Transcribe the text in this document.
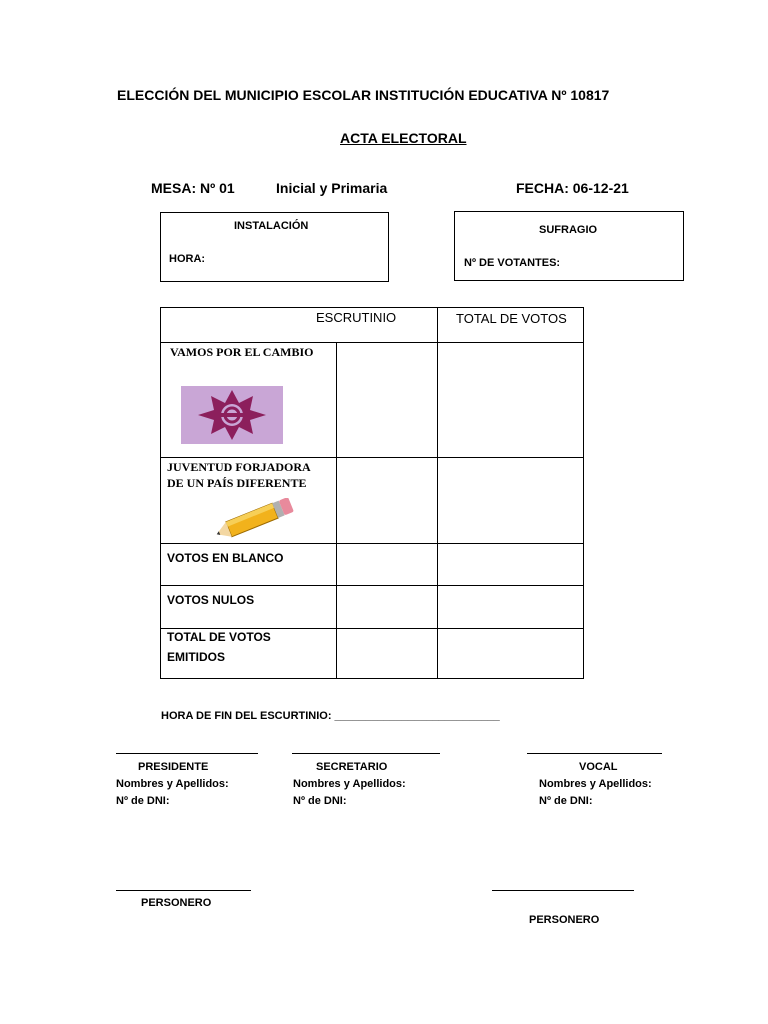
ELECCIÓN DEL MUNICIPIO ESCOLAR INSTITUCIÓN EDUCATIVA Nº 10817
ACTA ELECTORAL
MESA: Nº 01	Inicial y Primaria	FECHA: 06-12-21
INSTALACIÓN
HORA:
SUFRAGIO
Nº DE VOTANTES:
ESCRUTINIO		TOTAL DE VOTOS

VAMOS POR EL CAMBIO		

JUVENTUD FORJADORA
DE UN PAÍS DIFERENTE		

VOTOS EN BLANCO		

VOTOS NULOS		

TOTAL DE VOTOS
EMITIDOS		

HORA DE FIN DEL ESCURTINIO: ___________________________
PRESIDENTE
Nombres y Apellidos:
Nº de DNI:
SECRETARIO
Nombres y Apellidos:
Nº de DNI:
VOCAL
Nombres y Apellidos:
Nº de DNI:
PERSONERO
PERSONERO
